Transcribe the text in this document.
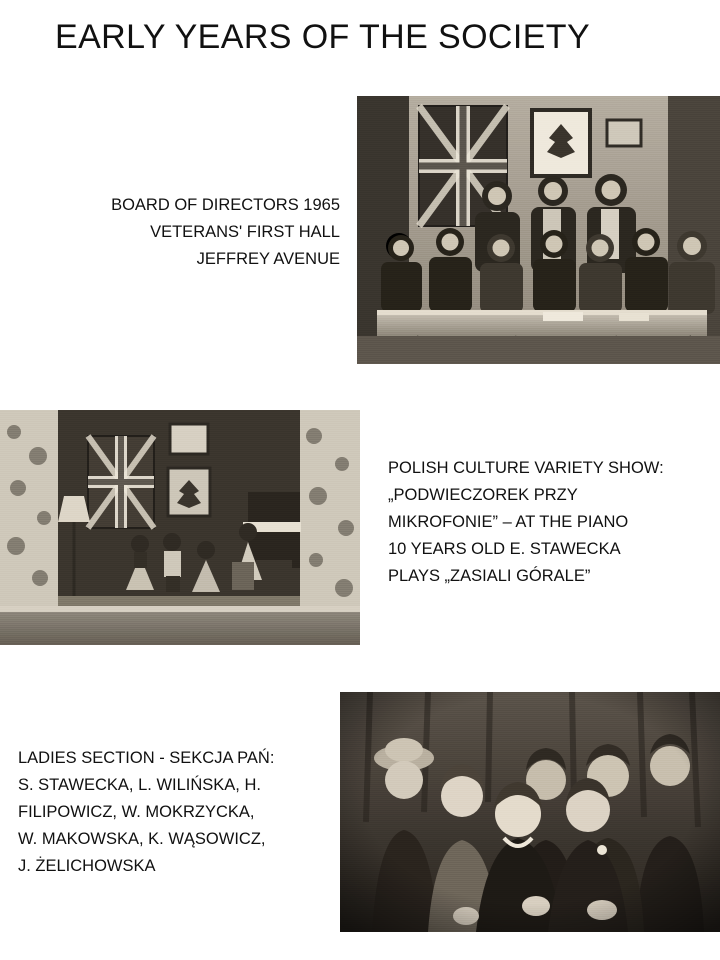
EARLY YEARS OF THE SOCIETY
BOARD OF DIRECTORS 1965
VETERANS' FIRST HALL
JEFFREY AVENUE
POLISH CULTURE VARIETY SHOW:
„PODWIECZOREK PRZY
MIKROFONIE” – AT THE PIANO
10 YEARS OLD E. STAWECKA
PLAYS „ZASIALI GÓRALE”
LADIES SECTION - SEKCJA PAŃ:
S. STAWECKA, L. WILIŃSKA, H.
FILIPOWICZ, W. MOKRZYCKA,
W. MAKOWSKA, K. WĄSOWICZ,
J. ŻELICHOWSKA
